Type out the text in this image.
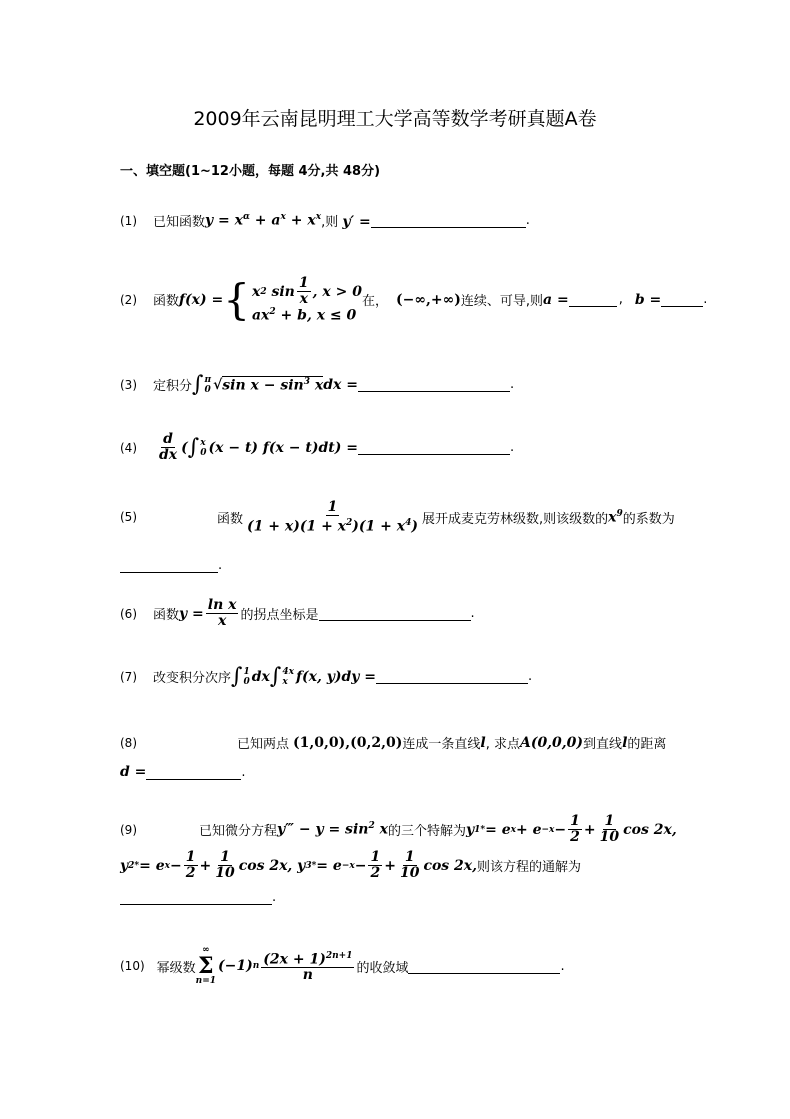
2009年云南昆明理工大学高等数学考研真题A卷
一、填空题(1~12小题，每题 4分,共 48分)
(1) 已知函数 $y = x^\alpha + a^x + x^x$ ,则 y′ =	.
(2) 函数 f(x) = { x 2 $\sin \frac{1}{x}$ , x > 0
$ax^2 + b$, x ≤ 0
在， (−∞,+∞) 连续、可导,则 a =	, b =	.
(3) 定积分 ∫ π
0 √ $\sin x - \sin^3 x$ dx =	.
$(4) \frac{d}{dx}$ ( ∫ x
0 (x − t) f(x − t)dt) =	.
(5)	函数 $\frac{1}{(1 + x)(1 + x^2)(1 + x^4)}$ 展开成麦克劳林级数,则该级数的 $x^9$ 的系数为
.
(6) 函数 $y = \frac{\text{ln x}}{x}$ 的拐点坐标是	.
(7) 改变积分次序 ∫ 1
0 dx ∫ 4x
x f(x, y)dy =	.
(8)	已知两点 (1,0,0),(0,2,0) 连成一条直线 l , 求点 A(0,0,0) 到直线 l 的距离
d =	.
(9)	已知微分方程 y‴ − $y = \sin^2 x$ 的三个特解为 y 1 * = e $x + e -x - \frac{1}{2} + \frac{1}{10}$ cos 2x,
y 2 * = e $x - \frac{1}{2} + \frac{1}{10}$ cos 2x, y 3 * = $e -x - \frac{1}{2} + \frac{1}{10}$ cos 2x, 则该方程的通解为
.
(10) 幂级数
∞
Σ
n=1
(−1) n $\frac{(2x + 1)^{2n+1}}{n}$ 的收敛域	.
